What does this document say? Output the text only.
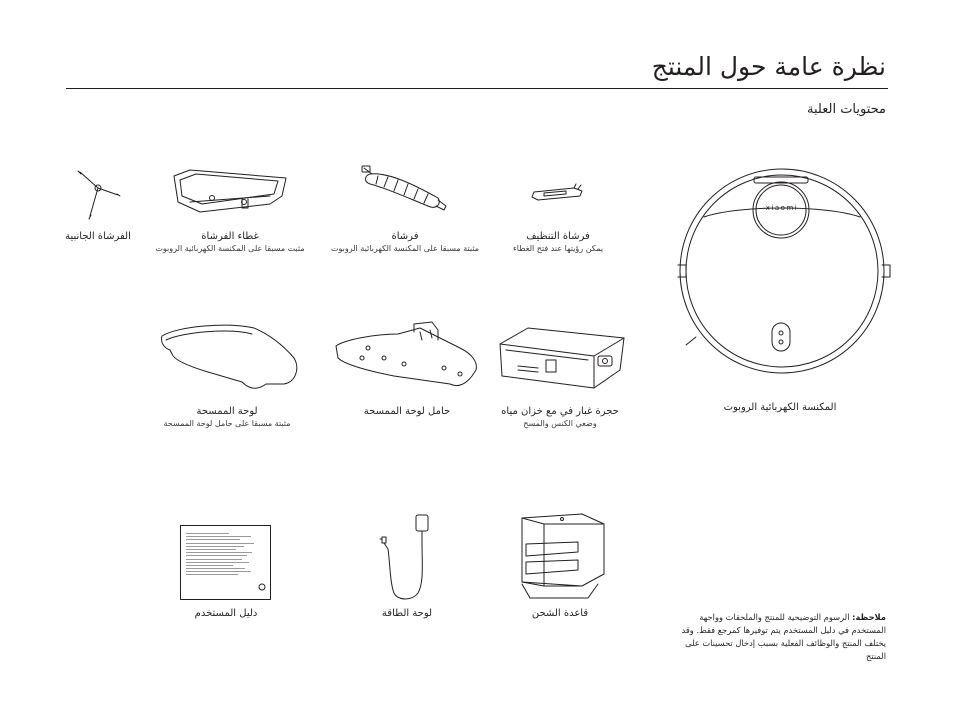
نظرة عامة حول المنتج
محتويات العلبة
الفرشاة الجانبية	غطاء الفرشاة
مثبت مسبقا على المكنسة الكهربائية الروبوت
فرشاة
مثبتة مسبقا على المكنسة الكهربائية الروبوت
فرشاة التنظيف
يمكن رؤيتها عند فتح الغطاء
xiaomi
المكنسة الكهربائية الروبوت
لوحة الممسحة
مثبتة مسبقا على حامل لوحة الممسحة
حامل لوحة الممسحة	حجرة غبار في مع خزان مياه
وضعي الكنس والمسح
دليل المستخدم	لوحة الطاقة	قاعدة الشحن	ملاحظة: الرسوم التوضيحية للمنتج والملحقات وواجهة المستخدم في دليل المستخدم يتم توفيرها كمرجع فقط. وقد يختلف المنتج والوظائف الفعلية بسبب إدخال تحسينات على المنتج
